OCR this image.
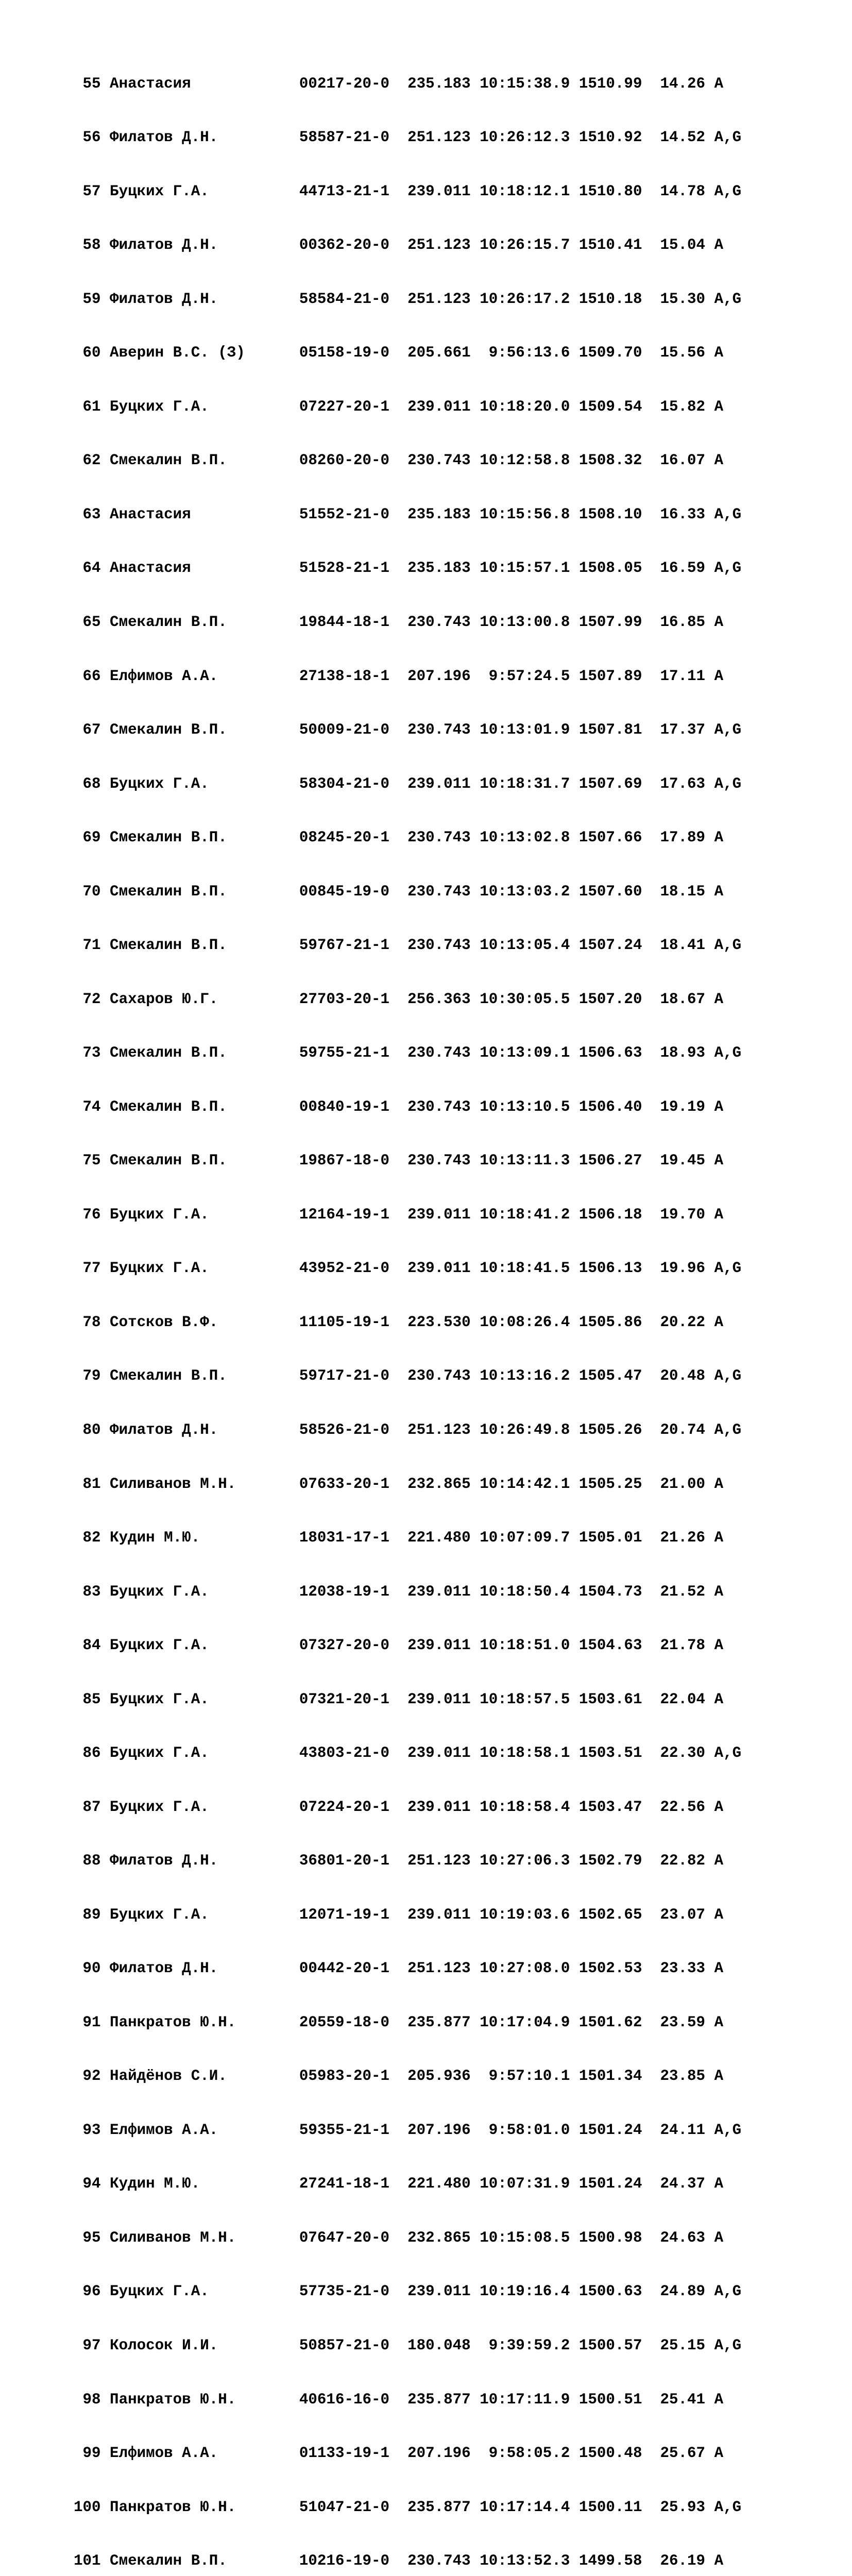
55 Анастасия            00217-20-0  235.183 10:15:38.9 1510.99  14.26 A

56 Филатов Д.Н.         58587-21-0  251.123 10:26:12.3 1510.92  14.52 A,G

57 Буцких Г.А.          44713-21-1  239.011 10:18:12.1 1510.80  14.78 A,G

58 Филатов Д.Н.         00362-20-0  251.123 10:26:15.7 1510.41  15.04 A

59 Филатов Д.Н.         58584-21-0  251.123 10:26:17.2 1510.18  15.30 A,G

60 Аверин В.С. (З)      05158-19-0  205.661  9:56:13.6 1509.70  15.56 A

61 Буцких Г.А.          07227-20-1  239.011 10:18:20.0 1509.54  15.82 A

62 Смекалин В.П.        08260-20-0  230.743 10:12:58.8 1508.32  16.07 A

63 Анастасия            51552-21-0  235.183 10:15:56.8 1508.10  16.33 A,G

64 Анастасия            51528-21-1  235.183 10:15:57.1 1508.05  16.59 A,G

65 Смекалин В.П.        19844-18-1  230.743 10:13:00.8 1507.99  16.85 A

66 Елфимов А.А.         27138-18-1  207.196  9:57:24.5 1507.89  17.11 A

67 Смекалин В.П.        50009-21-0  230.743 10:13:01.9 1507.81  17.37 A,G

68 Буцких Г.А.          58304-21-0  239.011 10:18:31.7 1507.69  17.63 A,G

69 Смекалин В.П.        08245-20-1  230.743 10:13:02.8 1507.66  17.89 A

70 Смекалин В.П.        00845-19-0  230.743 10:13:03.2 1507.60  18.15 A

71 Смекалин В.П.        59767-21-1  230.743 10:13:05.4 1507.24  18.41 A,G

72 Сахаров Ю.Г.         27703-20-1  256.363 10:30:05.5 1507.20  18.67 A

73 Смекалин В.П.        59755-21-1  230.743 10:13:09.1 1506.63  18.93 A,G

74 Смекалин В.П.        00840-19-1  230.743 10:13:10.5 1506.40  19.19 A

75 Смекалин В.П.        19867-18-0  230.743 10:13:11.3 1506.27  19.45 A

76 Буцких Г.А.          12164-19-1  239.011 10:18:41.2 1506.18  19.70 A

77 Буцких Г.А.          43952-21-0  239.011 10:18:41.5 1506.13  19.96 A,G

78 Сотсков В.Ф.         11105-19-1  223.530 10:08:26.4 1505.86  20.22 A

79 Смекалин В.П.        59717-21-0  230.743 10:13:16.2 1505.47  20.48 A,G

80 Филатов Д.Н.         58526-21-0  251.123 10:26:49.8 1505.26  20.74 A,G

81 Силиванов М.Н.       07633-20-1  232.865 10:14:42.1 1505.25  21.00 A

82 Кудин М.Ю.           18031-17-1  221.480 10:07:09.7 1505.01  21.26 A

83 Буцких Г.А.          12038-19-1  239.011 10:18:50.4 1504.73  21.52 A

84 Буцких Г.А.          07327-20-0  239.011 10:18:51.0 1504.63  21.78 A

85 Буцких Г.А.          07321-20-1  239.011 10:18:57.5 1503.61  22.04 A

86 Буцких Г.А.          43803-21-0  239.011 10:18:58.1 1503.51  22.30 A,G

87 Буцких Г.А.          07224-20-1  239.011 10:18:58.4 1503.47  22.56 A

88 Филатов Д.Н.         36801-20-1  251.123 10:27:06.3 1502.79  22.82 A

89 Буцких Г.А.          12071-19-1  239.011 10:19:03.6 1502.65  23.07 A

90 Филатов Д.Н.         00442-20-1  251.123 10:27:08.0 1502.53  23.33 A

91 Панкратов Ю.Н.       20559-18-0  235.877 10:17:04.9 1501.62  23.59 A

92 Найдёнов С.И.        05983-20-1  205.936  9:57:10.1 1501.34  23.85 A

93 Елфимов А.А.         59355-21-1  207.196  9:58:01.0 1501.24  24.11 A,G

94 Кудин М.Ю.           27241-18-1  221.480 10:07:31.9 1501.24  24.37 A

95 Силиванов М.Н.       07647-20-0  232.865 10:15:08.5 1500.98  24.63 A

96 Буцких Г.А.          57735-21-0  239.011 10:19:16.4 1500.63  24.89 A,G

97 Колосок И.И.         50857-21-0  180.048  9:39:59.2 1500.57  25.15 A,G

98 Панкратов Ю.Н.       40616-16-0  235.877 10:17:11.9 1500.51  25.41 A

99 Елфимов А.А.         01133-19-1  207.196  9:58:05.2 1500.48  25.67 A

100 Панкратов Ю.Н.       51047-21-0  235.877 10:17:14.4 1500.11  25.93 A,G

101 Смекалин В.П.        10216-19-0  230.743 10:13:52.3 1499.58  26.19 A
